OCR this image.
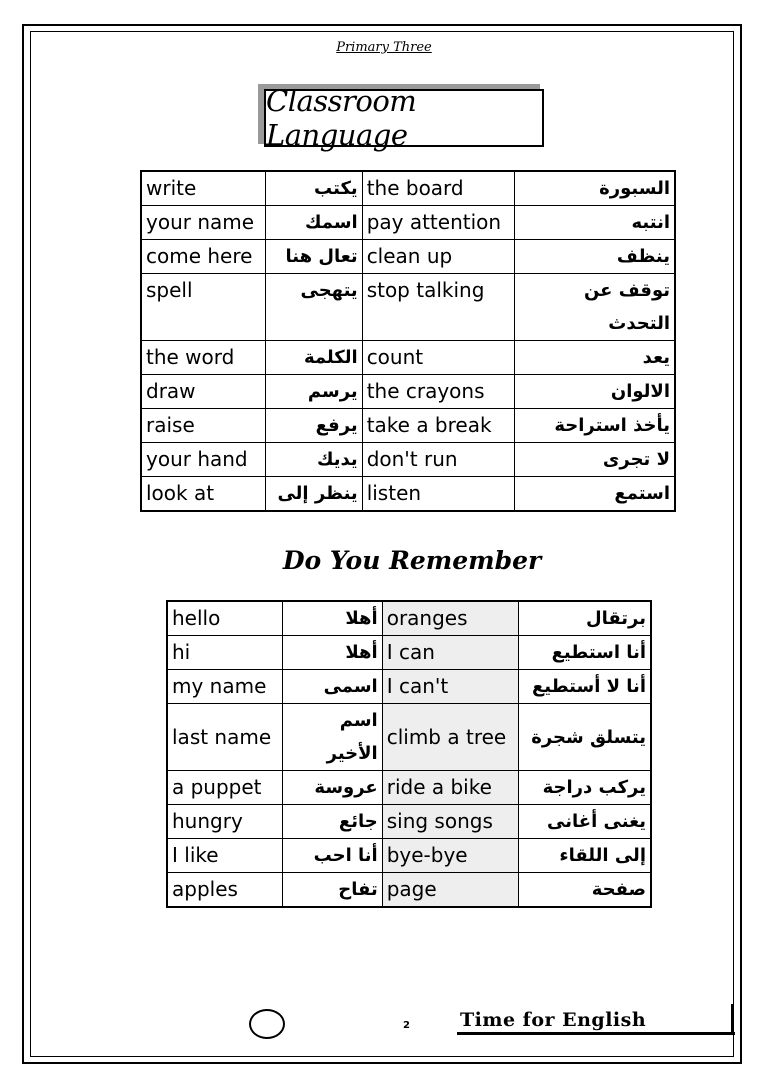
Primary Three
Classroom Language
write	يكتب	the board	السبورة
your name	اسمك	pay attention	انتبه
come here	تعال هنا	clean up	ينظف
spell	يتهجى	stop talking	توقف عن التحدث
the word	الكلمة	count	يعد
draw	يرسم	the crayons	الالوان
raise	يرفع	take a break	يأخذ استراحة
your hand	يديك	don't run	لا تجرى
look at	ينظر إلى	listen	استمع
Do You Remember
hello	أهلا	oranges	برتقال
hi	أهلا	I can	أنا استطيع
my name	اسمى	I can't	أنا لا أستطيع
last name	اسم الأخير	climb a tree	يتسلق شجرة
a puppet	عروسة	ride a bike	يركب دراجة
hungry	جائع	sing songs	يغنى أغانى
I like	أنا احب	bye-bye	إلى اللقاء
apples	تفاح	page	صفحة
2	Time for English
